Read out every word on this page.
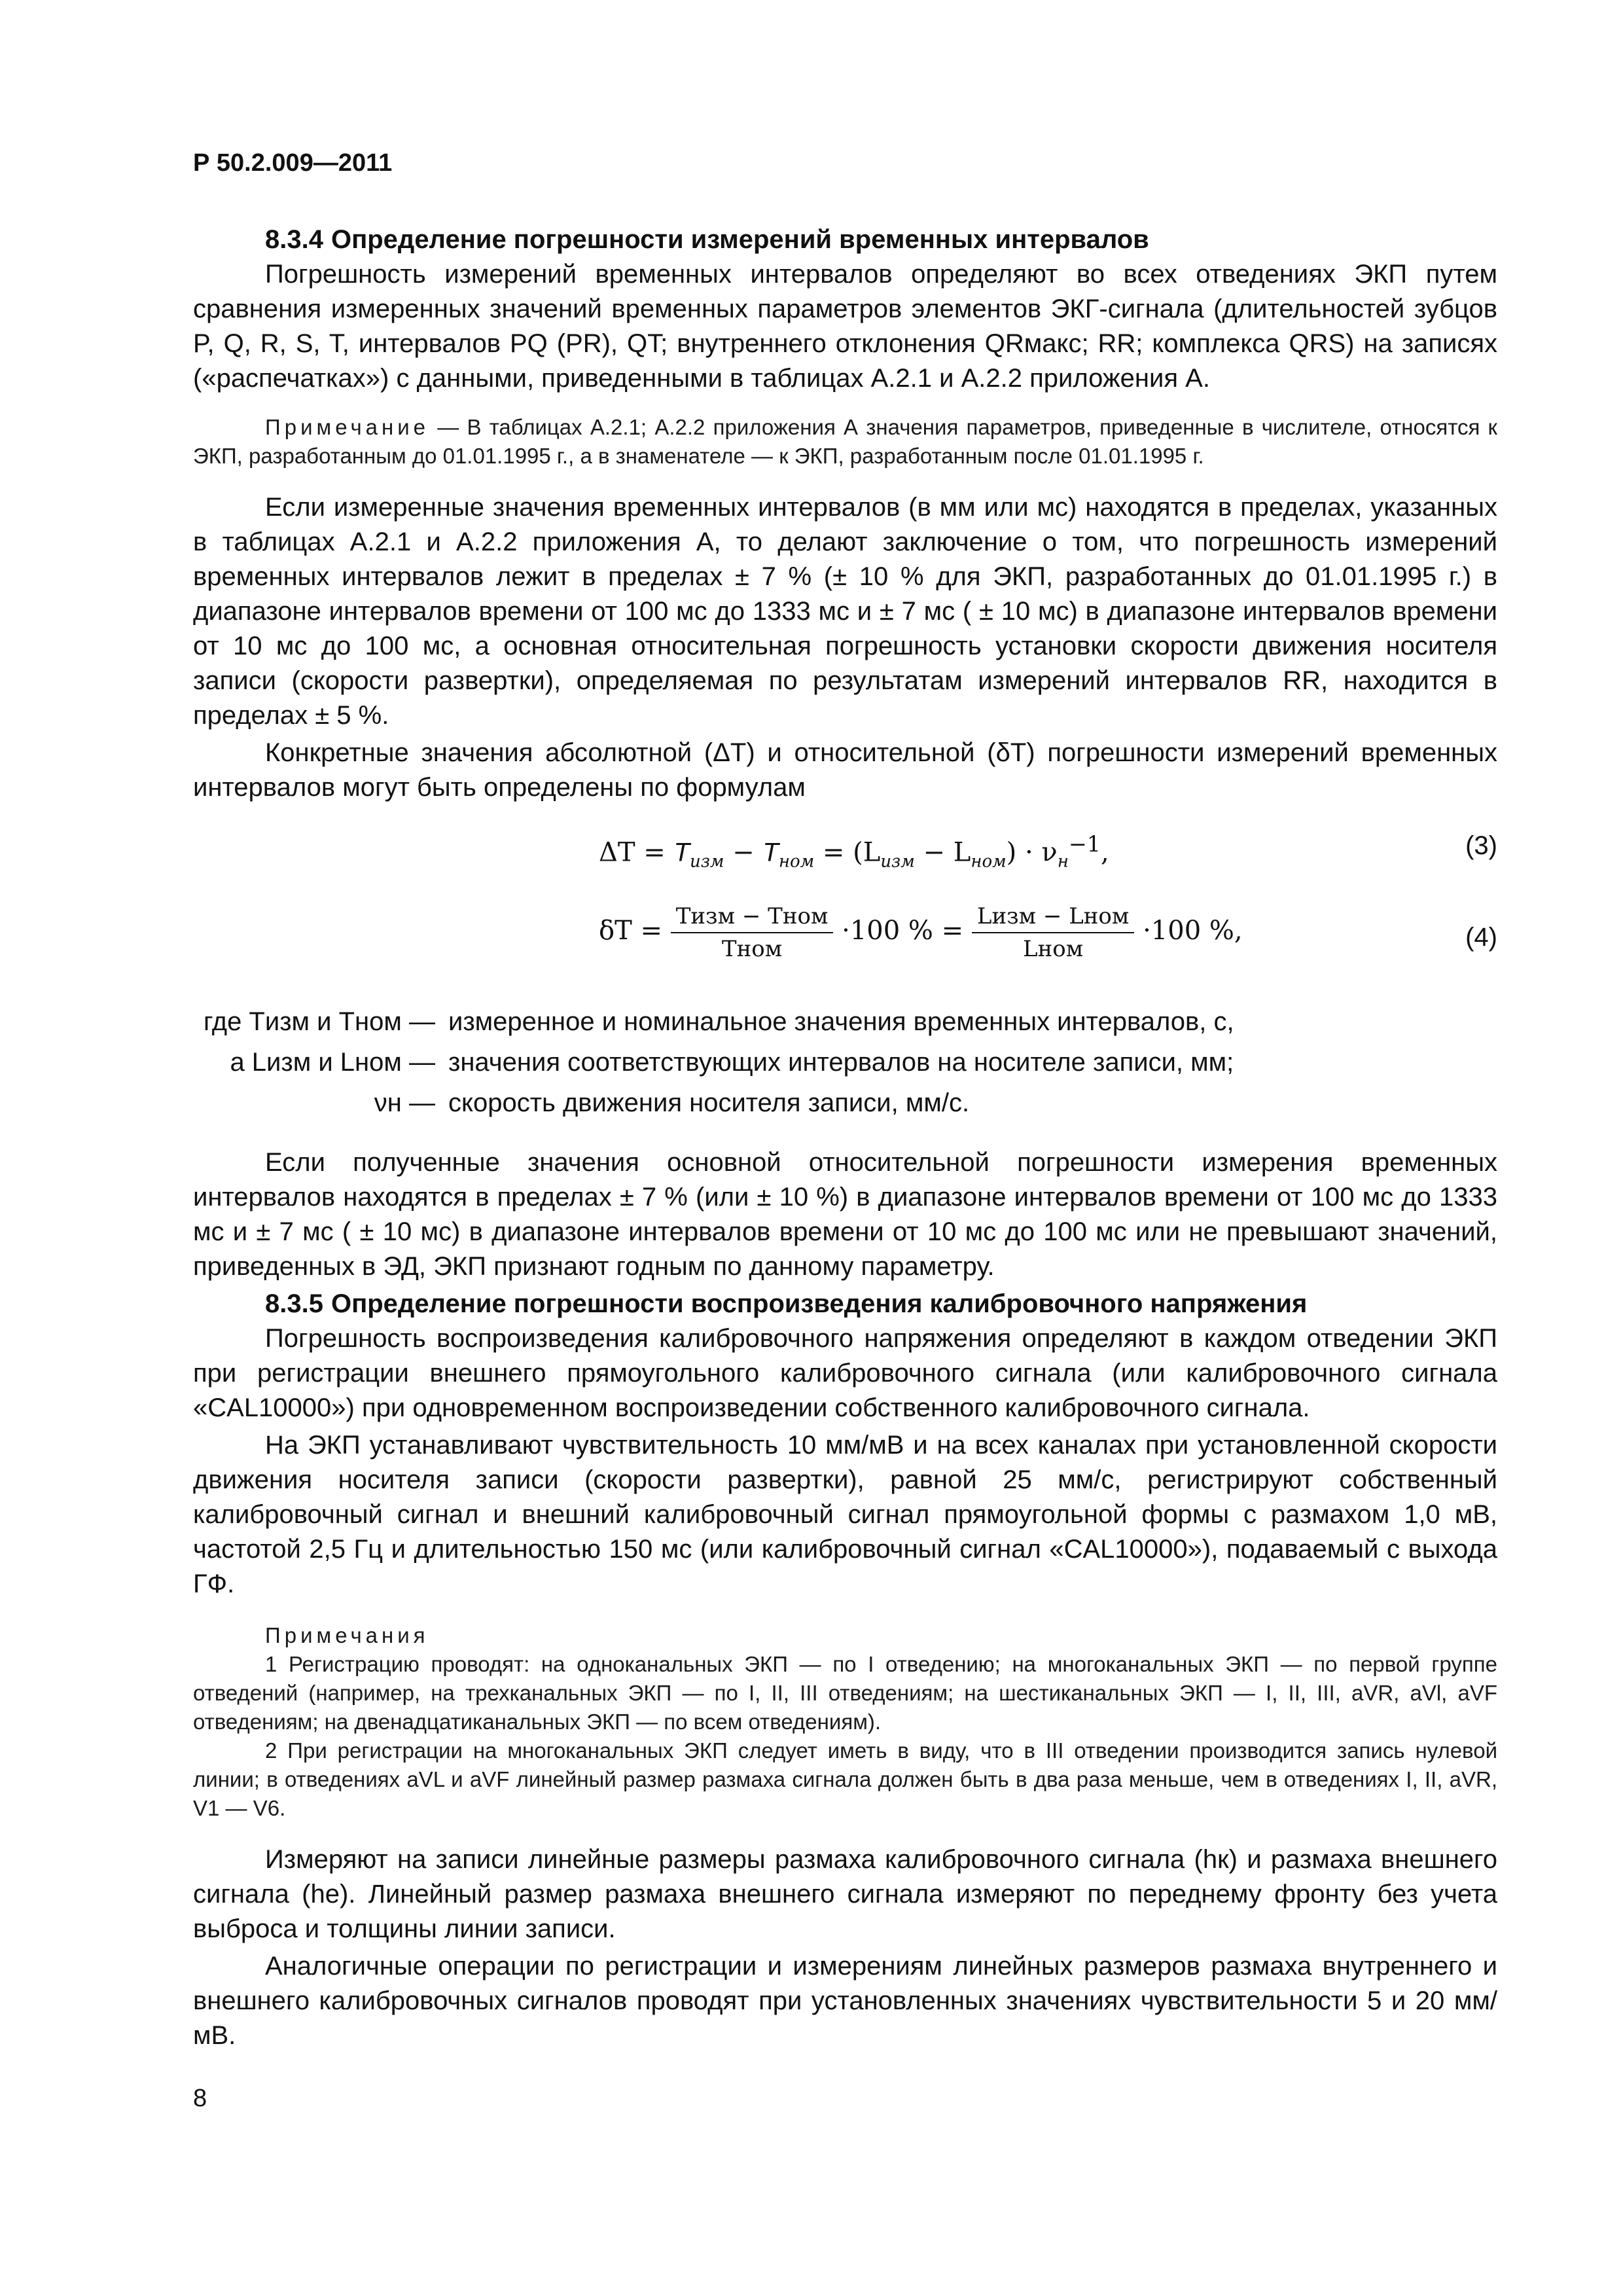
Р 50.2.009—2011
8.3.4 Определение погрешности измерений временных интервалов

Погрешность измерений временных интервалов определяют во всех отведениях ЭКП путем сравнения измеренных значений временных параметров элементов ЭКГ-сигнала (длительностей зубцов P, Q, R, S, T, интервалов PQ (PR), QT; внутреннего отклонения QRмакс; RR; комплекса QRS) на записях («распечатках») с данными, приведенными в таблицах А.2.1 и А.2.2 приложения А.

Примечание — В таблицах А.2.1; А.2.2 приложения А значения параметров, приведенные в числителе, относятся к ЭКП, разработанным до 01.01.1995 г., а в знаменателе — к ЭКП, разработанным после 01.01.1995 г.

Если измеренные значения временных интервалов (в мм или мс) находятся в пределах, указанных в таблицах А.2.1 и А.2.2 приложения А, то делают заключение о том, что погрешность измерений временных интервалов лежит в пределах ± 7 % (± 10 % для ЭКП, разработанных до 01.01.1995 г.) в диапазоне интервалов времени от 100 мс до 1333 мс и ± 7 мс ( ± 10 мс) в диапазоне интервалов времени от 10 мс до 100 мс, а основная относительная погрешность установки скорости движения носителя записи (скорости развертки), определяемая по результатам измерений интервалов RR, находится в пределах ± 5 %.

Конкретные значения абсолютной (ΔT) и относительной (δT) погрешности измерений временных интервалов могут быть определены по формулам

$\Delta T = T_{изм} - T_{ном} = (L_{изм} - L_{ном}) \cdot \nu_н^{-1}$,	(3)
$\delta T = \frac{\text{Tизм − Tном}}{\text{Tном}} \cdot 100$ % = $\frac{\text{Lизм − Lном}}{\text{Lном}} \cdot 100$ %,	(4)
где Tизм и Tном — измеренное и номинальное значения временных интервалов, с,
а Lизм и Lном — значения соответствующих интервалов на носителе записи, мм;
νн — скорость движения носителя записи, мм/с.

Если полученные значения основной относительной погрешности измерения временных интервалов находятся в пределах ± 7 % (или ± 10 %) в диапазоне интервалов времени от 100 мс до 1333 мс и ± 7 мс ( ± 10 мс) в диапазоне интервалов времени от 10 мс до 100 мс или не превышают значений, приведенных в ЭД, ЭКП признают годным по данному параметру.

8.3.5 Определение погрешности воспроизведения калибровочного напряжения

Погрешность воспроизведения калибровочного напряжения определяют в каждом отведении ЭКП при регистрации внешнего прямоугольного калибровочного сигнала (или калибровочного сигнала «CAL10000») при одновременном воспроизведении собственного калибровочного сигнала.

На ЭКП устанавливают чувствительность 10 мм/мВ и на всех каналах при установленной скорости движения носителя записи (скорости развертки), равной 25 мм/с, регистрируют собственный калибровочный сигнал и внешний калибровочный сигнал прямоугольной формы с размахом 1,0 мВ, частотой 2,5 Гц и длительностью 150 мс (или калибровочный сигнал «CAL10000»), подаваемый с выхода ГФ.

Примечания

1 Регистрацию проводят: на одноканальных ЭКП — по I отведению; на многоканальных ЭКП — по первой группе отведений (например, на трехканальных ЭКП — по I, II, III отведениям; на шестиканальных ЭКП — I, II, III, aVR, aVl, aVF отведениям; на двенадцатиканальных ЭКП — по всем отведениям).

2 При регистрации на многоканальных ЭКП следует иметь в виду, что в III отведении производится запись нулевой линии; в отведениях aVL и aVF линейный размер размаха сигнала должен быть в два раза меньше, чем в отведениях I, II, aVR, V1 — V6.

Измеряют на записи линейные размеры размаха калибровочного сигнала (hк) и размаха внешнего сигнала (hе). Линейный размер размаха внешнего сигнала измеряют по переднему фронту без учета выброса и толщины линии записи.

Аналогичные операции по регистрации и измерениям линейных размеров размаха внутреннего и внешнего калибровочных сигналов проводят при установленных значениях чувствительности 5 и 20 мм/мВ.

8
